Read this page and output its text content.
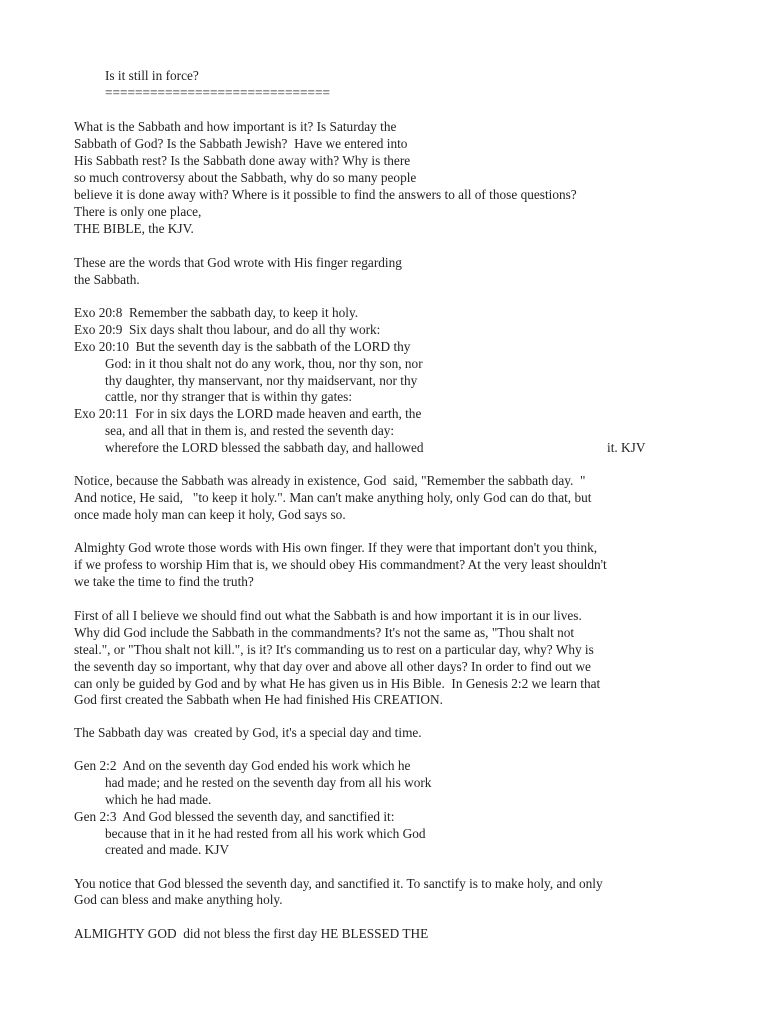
Is it still in force?
==============================
What is the Sabbath and how important is it? Is Saturday the
Sabbath of God? Is the Sabbath Jewish?  Have we entered into
His Sabbath rest? Is the Sabbath done away with? Why is there
so much controversy about the Sabbath, why do so many people
believe it is done away with? Where is it possible to find the answers to all of those questions?
There is only one place,
THE BIBLE, the KJV.
These are the words that God wrote with His finger regarding
the Sabbath.
Exo 20:8  Remember the sabbath day, to keep it holy.
Exo 20:9  Six days shalt thou labour, and do all thy work:
Exo 20:10  But the seventh day is the sabbath of the LORD thy
God: in it thou shalt not do any work, thou, nor thy son, nor
thy daughter, thy manservant, nor thy maidservant, nor thy
cattle, nor thy stranger that is within thy gates:
Exo 20:11  For in six days the LORD made heaven and earth, the
sea, and all that in them is, and rested the seventh day:
wherefore the LORD blessed the sabbath day, and hallowed	it. KJV
Notice, because the Sabbath was already in existence, God  said, "Remember the sabbath day.  "
And notice, He said,   "to keep it holy.". Man can't make anything holy, only God can do that, but
once made holy man can keep it holy, God says so.
Almighty God wrote those words with His own finger. If they were that important don't you think,
if we profess to worship Him that is, we should obey His commandment? At the very least shouldn't
we take the time to find the truth?
First of all I believe we should find out what the Sabbath is and how important it is in our lives.
Why did God include the Sabbath in the commandments? It's not the same as, "Thou shalt not
steal.", or "Thou shalt not kill.", is it? It's commanding us to rest on a particular day, why? Why is
the seventh day so important, why that day over and above all other days? In order to find out we
can only be guided by God and by what He has given us in His Bible.  In Genesis 2:2 we learn that
God first created the Sabbath when He had finished His CREATION.
The Sabbath day was  created by God, it's a special day and time.
Gen 2:2  And on the seventh day God ended his work which he
had made; and he rested on the seventh day from all his work
which he had made.
Gen 2:3  And God blessed the seventh day, and sanctified it:
because that in it he had rested from all his work which God
created and made. KJV
You notice that God blessed the seventh day, and sanctified it. To sanctify is to make holy, and only
God can bless and make anything holy.
ALMIGHTY GOD  did not bless the first day HE BLESSED THE
